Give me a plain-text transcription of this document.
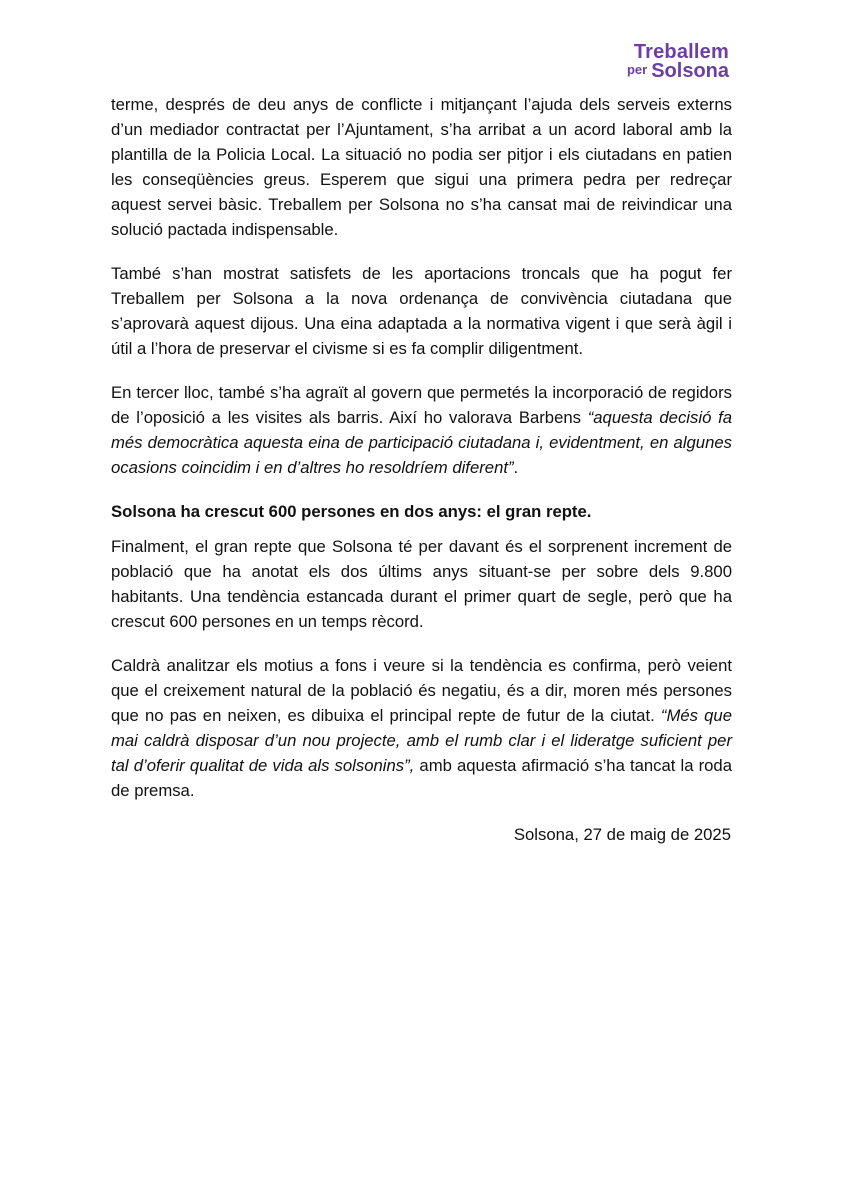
Treballem
per Solsona

terme, després de deu anys de conflicte i mitjançant l’ajuda dels serveis externs d’un mediador contractat per l’Ajuntament, s’ha arribat a un acord laboral amb la plantilla de la Policia Local. La situació no podia ser pitjor i els ciutadans en patien les conseqüències greus. Esperem que sigui una primera pedra per redreçar aquest servei bàsic. Treballem per Solsona no s’ha cansat mai de reivindicar una solució pactada indispensable.

També s’han mostrat satisfets de les aportacions troncals que ha pogut fer Treballem per Solsona a la nova ordenança de convivència ciutadana que s’aprovarà aquest dijous. Una eina adaptada a la normativa vigent i que serà àgil i útil a l’hora de preservar el civisme si es fa complir diligentment.

En tercer lloc, també s’ha agraït al govern que permetés la incorporació de regidors de l’oposició a les visites als barris. Així ho valorava Barbens “aquesta decisió fa més democràtica aquesta eina de participació ciutadana i, evidentment, en algunes ocasions coincidim i en d’altres ho resoldríem diferent”.

Solsona ha crescut 600 persones en dos anys: el gran repte.

Finalment, el gran repte que Solsona té per davant és el sorprenent increment de població que ha anotat els dos últims anys situant-se per sobre dels 9.800 habitants. Una tendència estancada durant el primer quart de segle, però que ha crescut 600 persones en un temps rècord.

Caldrà analitzar els motius a fons i veure si la tendència es confirma, però veient que el creixement natural de la població és negatiu, és a dir, moren més persones que no pas en neixen, es dibuixa el principal repte de futur de la ciutat. “Més que mai caldrà disposar d’un nou projecte, amb el rumb clar i el lideratge suficient per tal d’oferir qualitat de vida als solsonins”, amb aquesta afirmació s’ha tancat la roda de premsa.

Solsona, 27 de maig de 2025
